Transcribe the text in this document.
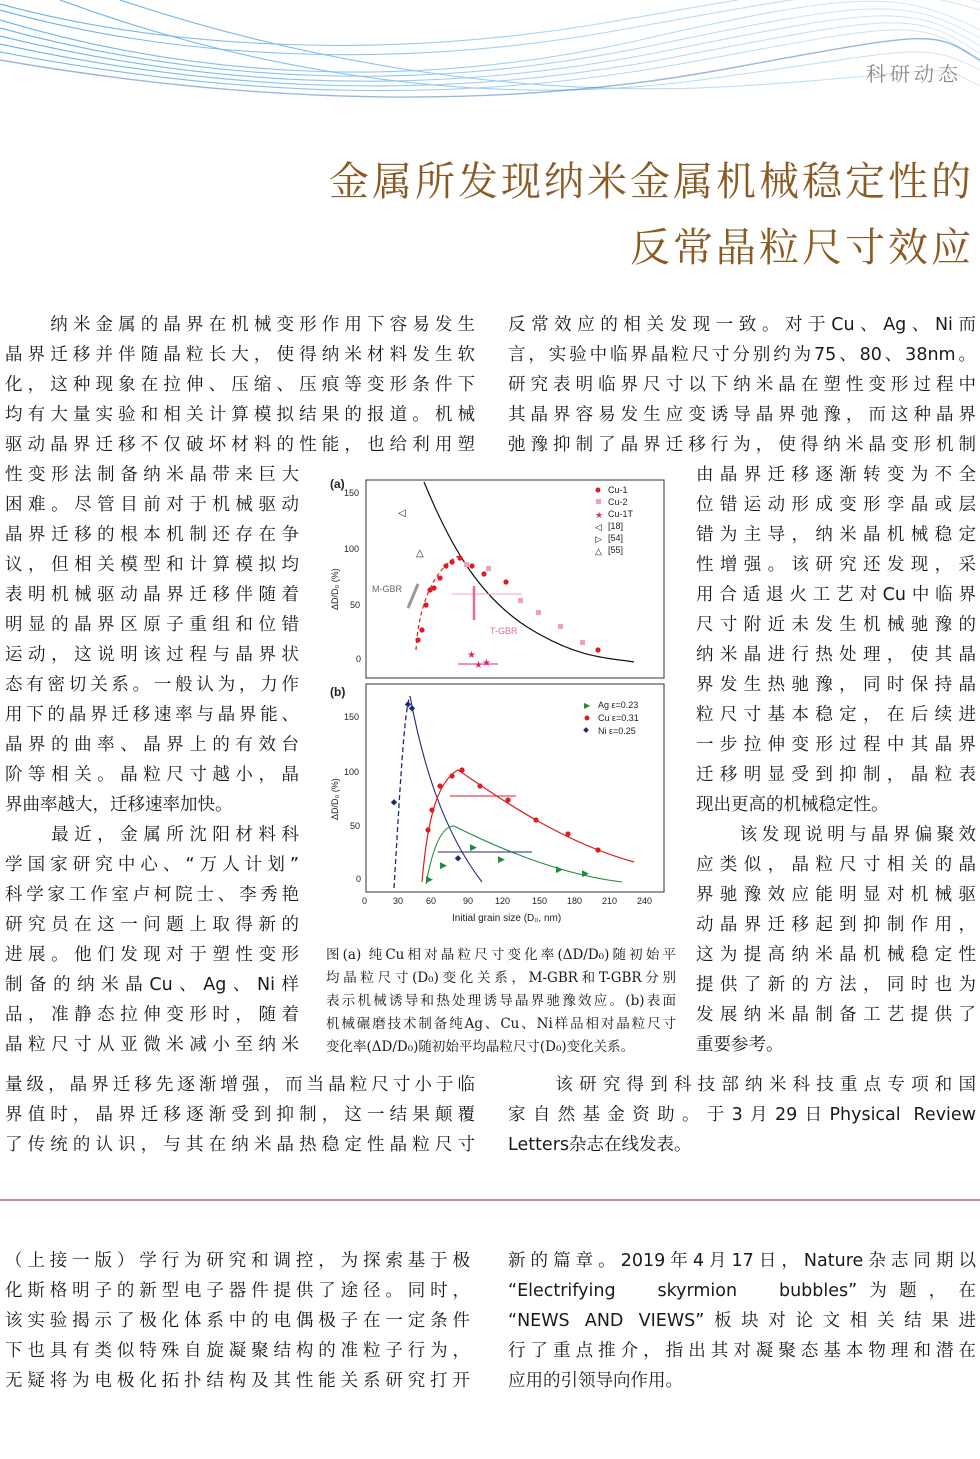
科研动态
金属所发现纳米金属机械稳定性的
反常晶粒尺寸效应
　　纳米金属的晶界在机械变形作用下容易发生
晶界迁移并伴随晶粒长大，使得纳米材料发生软
化，这种现象在拉伸、压缩、压痕等变形条件下
均有大量实验和相关计算模拟结果的报道。机械
驱动晶界迁移不仅破坏材料的性能，也给利用塑
性变形法制备纳米晶带来巨大
困难。尽管目前对于机械驱动
晶界迁移的根本机制还存在争
议，但相关模型和计算模拟均
表明机械驱动晶界迁移伴随着
明显的晶界区原子重组和位错
运动，这说明该过程与晶界状
态有密切关系。一般认为，力作
用下的晶界迁移速率与晶界能、
晶界的曲率、晶界上的有效台
阶等相关。晶粒尺寸越小，晶
界曲率越大，迁移速率加快。
　　最近，金属所沈阳材料科
学国家研究中心、“万人计划”
科学家工作室卢柯院士、李秀艳
研究员在这一问题上取得新的
进展。他们发现对于塑性变形
制备的纳米晶Cu、Ag、Ni样
品，准静态拉伸变形时，随着
晶粒尺寸从亚微米减小至纳米
量级，晶界迁移先逐渐增强，而当晶粒尺寸小于临
界值时，晶界迁移逐渐受到抑制，这一结果颠覆
了传统的认识，与其在纳米晶热稳定性晶粒尺寸
反常效应的相关发现一致。对于Cu、Ag、Ni而
言，实验中临界晶粒尺寸分别约为75、80、38nm。
研究表明临界尺寸以下纳米晶在塑性变形过程中
其晶界容易发生应变诱导晶界弛豫，而这种晶界
弛豫抑制了晶界迁移行为，使得纳米晶变形机制
由晶界迁移逐渐转变为不全
位错运动形成变形孪晶或层
错为主导，纳米晶机械稳定
性增强。该研究还发现，采
用合适退火工艺对Cu中临界
尺寸附近未发生机械驰豫的
纳米晶进行热处理，使其晶
界发生热驰豫，同时保持晶
粒尺寸基本稳定，在后续进
一步拉伸变形过程中其晶界
迁移明显受到抑制，晶粒表
现出更高的机械稳定性。
　　该发现说明与晶界偏聚效
应类似，晶粒尺寸相关的晶
界驰豫效应能明显对机械驱
动晶界迁移起到抑制作用，
这为提高纳米晶机械稳定性
提供了新的方法，同时也为
发展纳米晶制备工艺提供了
重要参考。
　　该研究得到科技部纳米科技重点专项和国
家自然基金资助。于3月29日Physical Review
Letters杂志在线发表。
(a)
150
100
50
0
ΔD/D₀ (%)
★
★ ★
◁
△
M-GBR
T-GBR
Cu-1
Cu-2
★ Cu-1T
◁ [18]
▷ [54]
△ [55]
(b)
150
100
50
0
ΔD/D₀ (%)
▶
▶
▶
▶
▶ ▶
▶ Ag ε=0.23
Cu ε=0.31
Ni ε=0.25
0	30	60	90 120 150 180 210 240
Initial grain size (D₀, nm)
图(a) 纯Cu相对晶粒尺寸变化率(ΔD/D₀)随初始平
均晶粒尺寸(D₀)变化关系，M-GBR和T-GBR分别
表示机械诱导和热处理诱导晶界驰豫效应。(b)表面
机械碾磨技术制备纯Ag、Cu、Ni样品相对晶粒尺寸
变化率(ΔD/D₀)随初始平均晶粒尺寸(D₀)变化关系。
（上接一版）学行为研究和调控，为探索基于极
化斯格明子的新型电子器件提供了途径。同时，
该实验揭示了极化体系中的电偶极子在一定条件
下也具有类似特殊自旋凝聚结构的准粒子行为，
无疑将为电极化拓扑结构及其性能关系研究打开
新的篇章。2019年4月17日，Nature杂志同期以
“Electrifying　skyrmion　bubbles”为题，在
“NEWS AND VIEWS”板块对论文相关结果进
行了重点推介，指出其对凝聚态基本物理和潜在
应用的引领导向作用。
